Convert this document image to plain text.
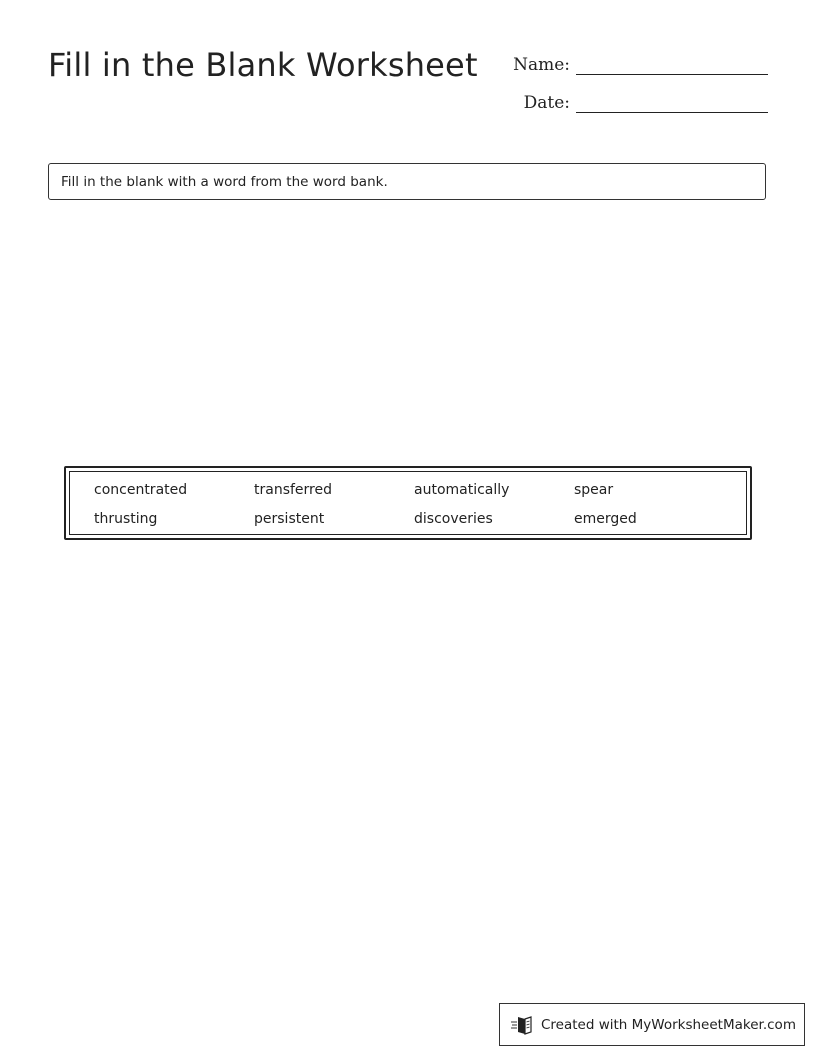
Fill in the Blank Worksheet	Name:
Date:
Fill in the blank with a word from the word bank.
concentrated	transferred	automatically	spear
thrusting	persistent	discoveries	emerged
Created with MyWorksheetMaker.com
